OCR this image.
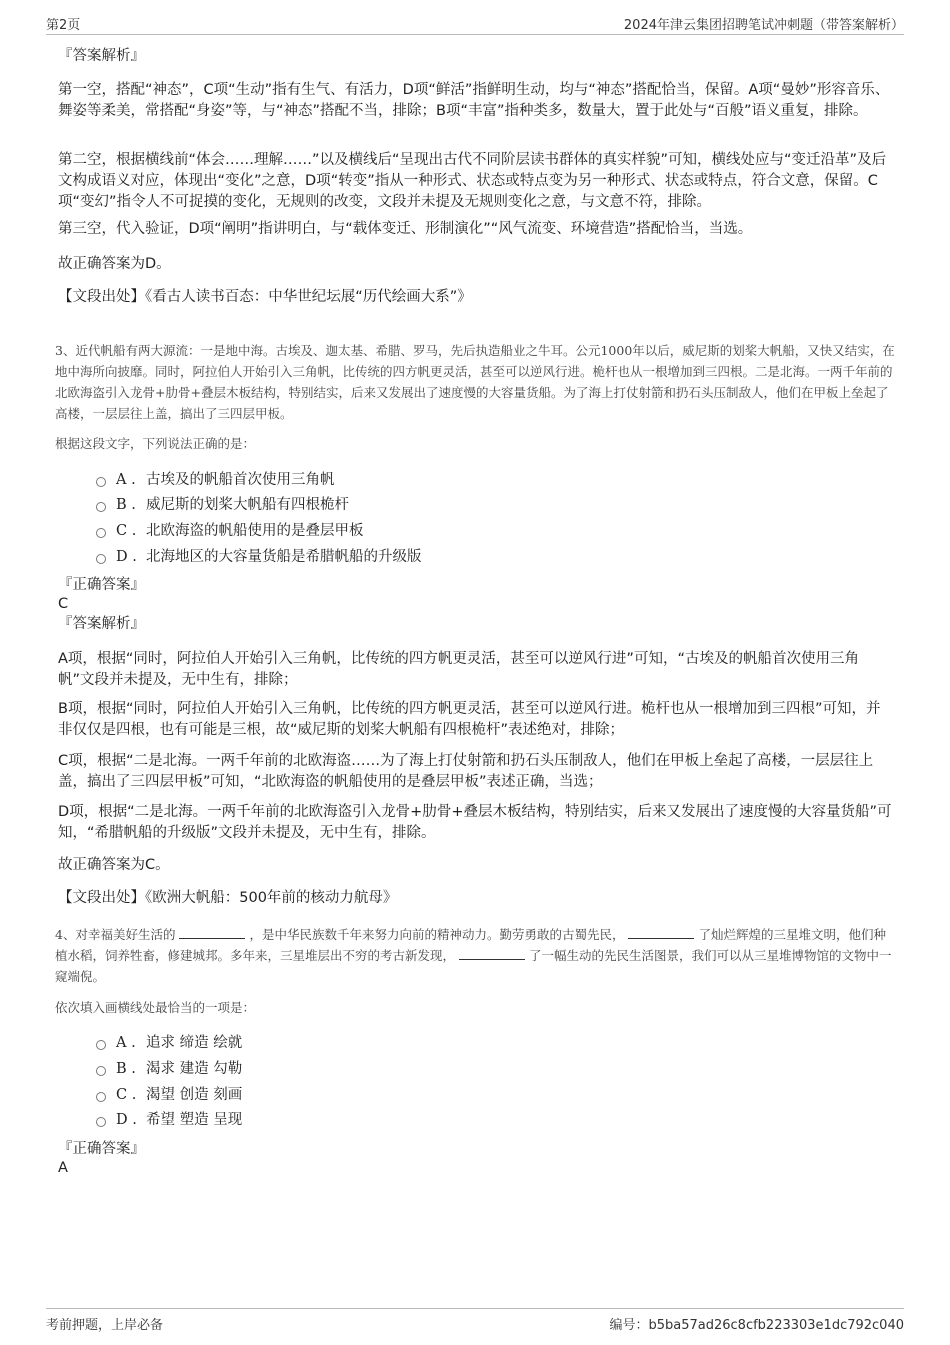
第2页	2024年津云集团招聘笔试冲刺题（带答案解析）

『答案解析』

第一空，搭配“神态”，C项“生动”指有生气、有活力，D项“鲜活”指鲜明生动，均与“神态”搭配恰当，保留。A项“曼妙”形容音乐、舞姿等柔美，常搭配“身姿”等，与“神态”搭配不当，排除；B项“丰富”指种类多，数量大，置于此处与“百般”语义重复，排除。

第二空，根据横线前“体会……理解……”以及横线后“呈现出古代不同阶层读书群体的真实样貌”可知，横线处应与“变迁沿革”及后文构成语义对应，体现出“变化”之意，D项“转变”指从一种形式、状态或特点变为另一种形式、状态或特点，符合文意，保留。C项“变幻”指令人不可捉摸的变化，无规则的改变，文段并未提及无规则变化之意，与文意不符，排除。

第三空，代入验证，D项“阐明”指讲明白，与“载体变迁、形制演化”“风气流变、环境营造”搭配恰当，当选。

故正确答案为D。

【文段出处】《看古人读书百态：中华世纪坛展“历代绘画大系”》

3、近代帆船有两大源流：一是地中海。古埃及、迦太基、希腊、罗马，先后执造船业之牛耳。公元1000年以后，威尼斯的划桨大帆船，又快又结实，在地中海所向披靡。同时，阿拉伯人开始引入三角帆，比传统的四方帆更灵活，甚至可以逆风行进。桅杆也从一根增加到三四根。二是北海。一两千年前的北欧海盗引入龙骨+肋骨+叠层木板结构，特别结实，后来又发展出了速度慢的大容量货船。为了海上打仗射箭和扔石头压制敌人，他们在甲板上垒起了高楼，一层层往上盖，搞出了三四层甲板。

根据这段文字，下列说法正确的是：

A . 古埃及的帆船首次使用三角帆
B . 威尼斯的划桨大帆船有四根桅杆
C . 北欧海盗的帆船使用的是叠层甲板
D . 北海地区的大容量货船是希腊帆船的升级版

『正确答案』

C

『答案解析』

A项，根据“同时，阿拉伯人开始引入三角帆，比传统的四方帆更灵活，甚至可以逆风行进”可知，“古埃及的帆船首次使用三角帆”文段并未提及，无中生有，排除；

B项，根据“同时，阿拉伯人开始引入三角帆，比传统的四方帆更灵活，甚至可以逆风行进。桅杆也从一根增加到三四根”可知，并非仅仅是四根，也有可能是三根，故“威尼斯的划桨大帆船有四根桅杆”表述绝对，排除；

C项，根据“二是北海。一两千年前的北欧海盗……为了海上打仗射箭和扔石头压制敌人，他们在甲板上垒起了高楼，一层层往上盖，搞出了三四层甲板”可知，“北欧海盗的帆船使用的是叠层甲板”表述正确，当选；

D项，根据“二是北海。一两千年前的北欧海盗引入龙骨+肋骨+叠层木板结构，特别结实，后来又发展出了速度慢的大容量货船”可知，“希腊帆船的升级版”文段并未提及，无中生有，排除。

故正确答案为C。

【文段出处】《欧洲大帆船：500年前的核动力航母》

4、对幸福美好生活的	，是中华民族数千年来努力向前的精神动力。勤劳勇敢的古蜀先民，	了灿烂辉煌的三星堆文明，他们种植水稻，饲养牲畜，修建城邦。多年来，三星堆层出不穷的考古新发现，	了一幅生动的先民生活图景，我们可以从三星堆博物馆的文物中一窥端倪。

依次填入画横线处最恰当的一项是：

A . 追求 缔造 绘就
B . 渴求 建造 勾勒
C . 渴望 创造 刻画
D . 希望 塑造 呈现

『正确答案』

A

考前押题，上岸必备	编号：b5ba57ad26c8cfb223303e1dc792c040
